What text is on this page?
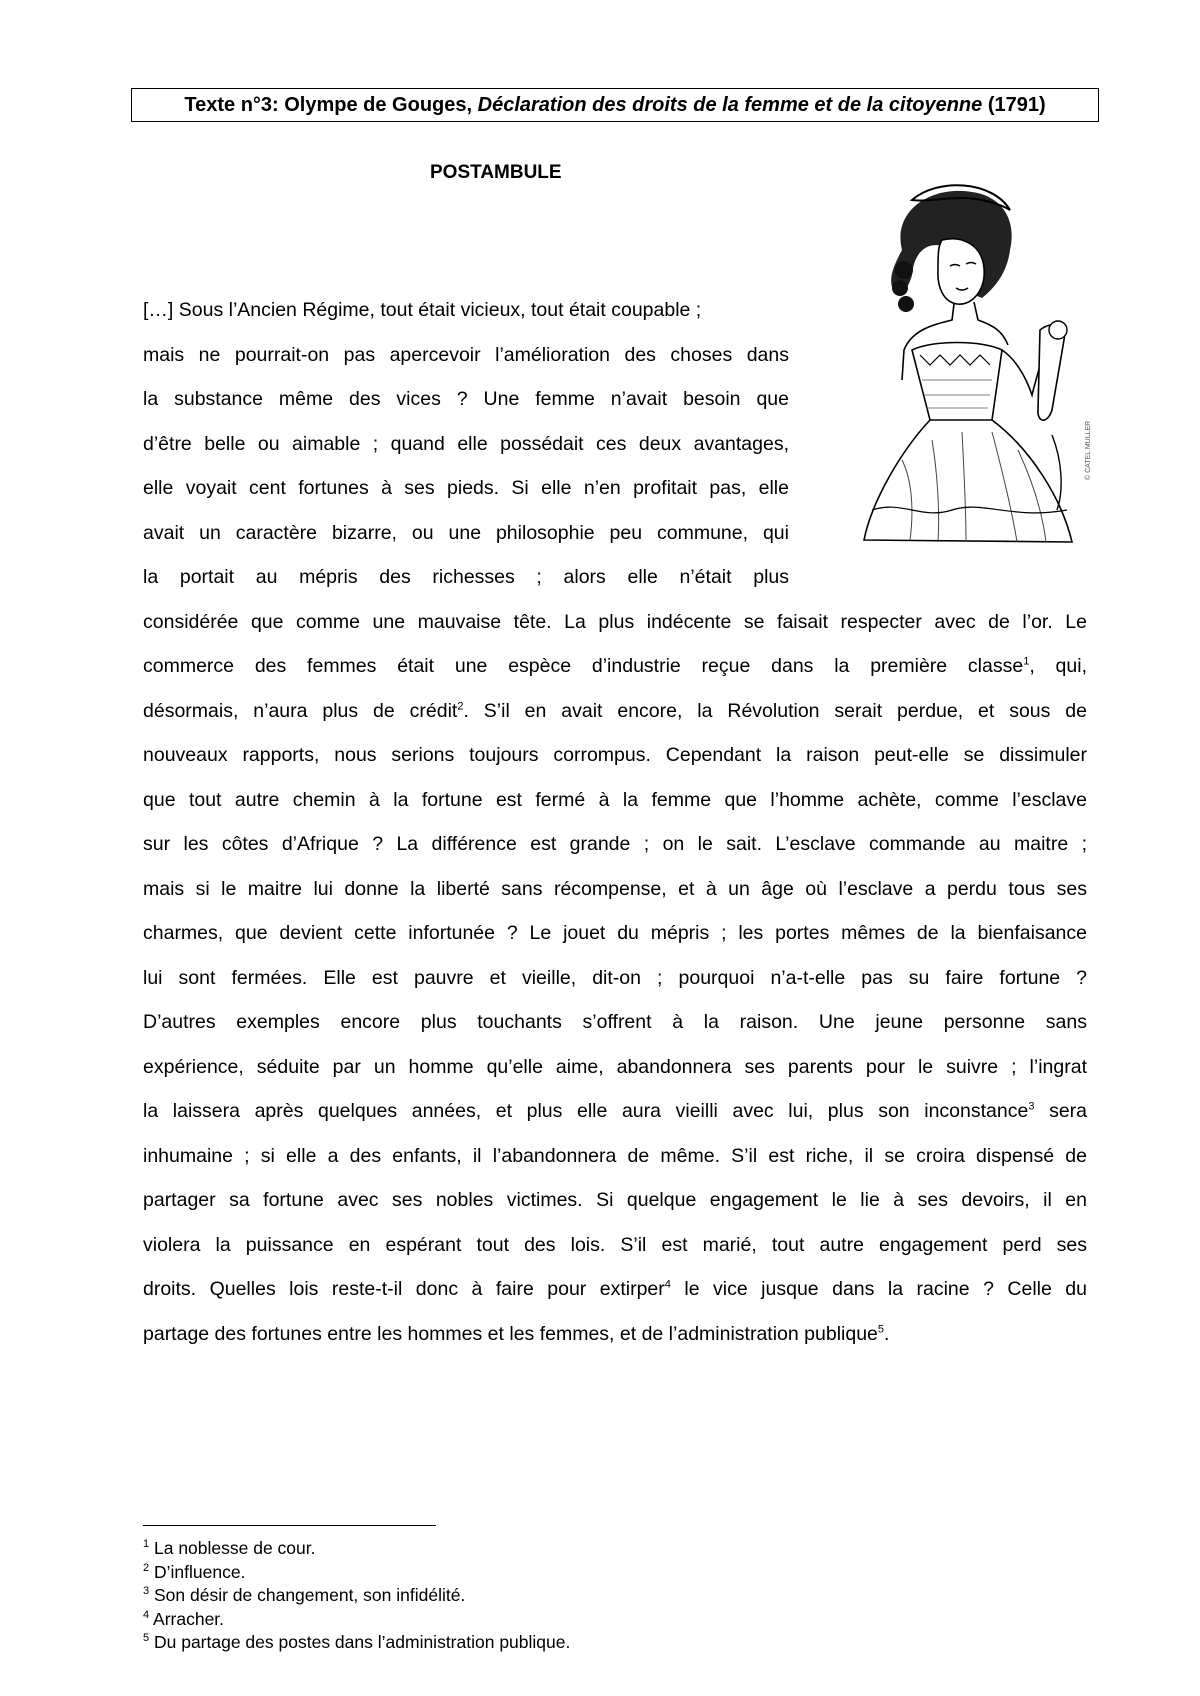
Texte n°3: Olympe de Gouges,
Déclaration des droits de la femme et de la citoyenne
(1791)
POSTAMBULE
© CATEL MULLER
[…] Sous l’Ancien Régime, tout était vicieux, tout était coupable ;
mais ne pourrait-on pas apercevoir l’amélioration des choses dans
la substance même des vices ? Une femme n’avait besoin que
d’être belle ou aimable ; quand elle possédait ces deux avantages,
elle voyait cent fortunes à ses pieds. Si elle n’en profitait pas, elle
avait un caractère bizarre, ou une philosophie peu commune, qui
la portait au mépris des richesses ; alors elle n’était plus
considérée que comme une mauvaise tête. La plus indécente se faisait respecter avec de l’or. Le
commerce des femmes était une espèce d’industrie reçue dans la première classe$^1$, qui,
désormais, n’aura plus de crédit$^2$. S’il en avait encore, la Révolution serait perdue, et sous de
nouveaux rapports, nous serions toujours corrompus. Cependant la raison peut-elle se dissimuler
que tout autre chemin à la fortune est fermé à la femme que l’homme achète, comme l’esclave
sur les côtes d’Afrique ? La différence est grande ; on le sait. L’esclave commande au maitre ;
mais si le maitre lui donne la liberté sans récompense, et à un âge où l’esclave a perdu tous ses
charmes, que devient cette infortunée ? Le jouet du mépris ; les portes mêmes de la bienfaisance
lui sont fermées. Elle est pauvre et vieille, dit-on ; pourquoi n’a-t-elle pas su faire fortune ?
D’autres exemples encore plus touchants s’offrent à la raison. Une jeune personne sans
expérience, séduite par un homme qu’elle aime, abandonnera ses parents pour le suivre ; l’ingrat
la laissera après quelques années, et plus elle aura vieilli avec lui, plus son inconstance$^3$ sera
inhumaine ; si elle a des enfants, il l’abandonnera de même. S’il est riche, il se croira dispensé de
partager sa fortune avec ses nobles victimes. Si quelque engagement le lie à ses devoirs, il en
violera la puissance en espérant tout des lois. S’il est marié, tout autre engagement perd ses
droits. Quelles lois reste-t-il donc à faire pour extirper$^4$ le vice jusque dans la racine ? Celle du
partage des fortunes entre les hommes et les femmes, et de l’administration publique$^5$.
$^1$ La noblesse de cour.
$^2$ D’influence.
$^3$ Son désir de changement, son infidélité.
$^4$ Arracher.
$^5$ Du partage des postes dans l’administration publique.
